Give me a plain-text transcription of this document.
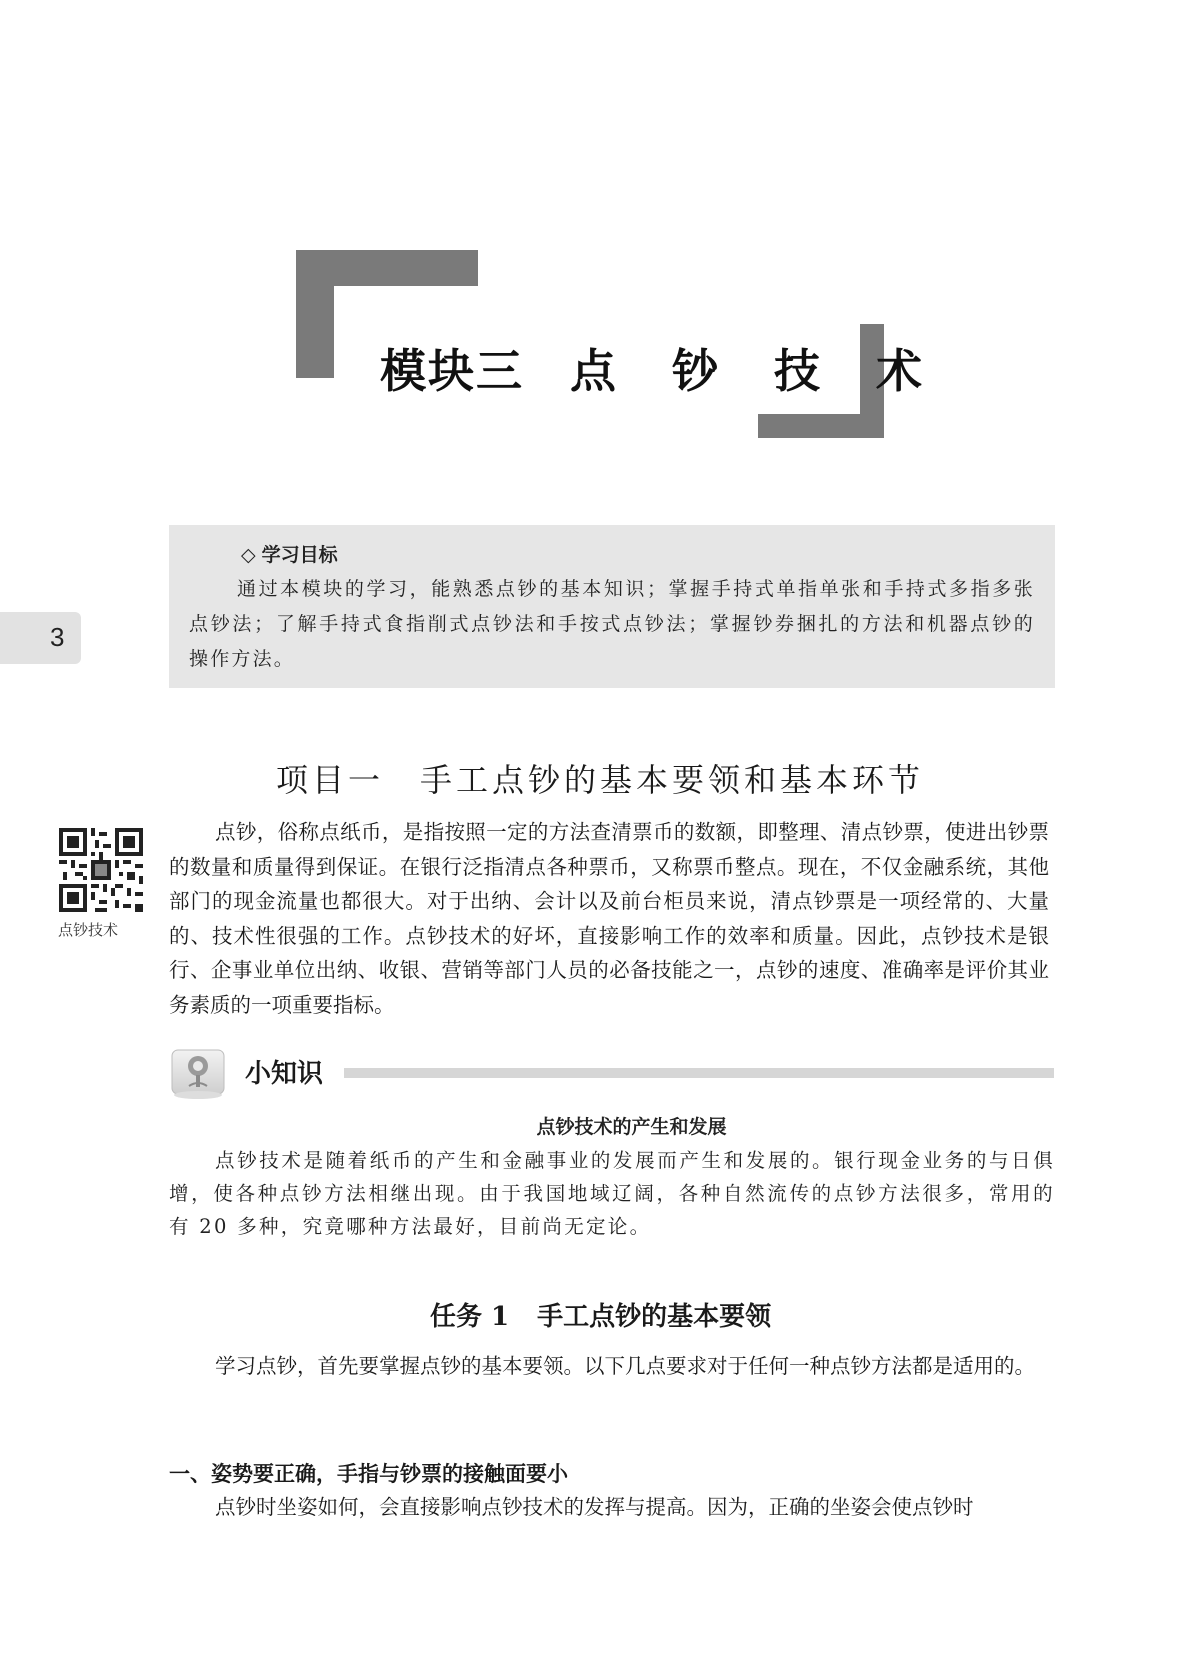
模块三 点 钞 技 术
◇ 学习目标
通过本模块的学习，能熟悉点钞的基本知识；掌握手持式单指单张和手持式多指多张点钞法；了解手持式食指削式点钞法和手按式点钞法；掌握钞券捆扎的方法和机器点钞的操作方法。
3
项目一 手工点钞的基本要领和基本环节
点钞技术
点钞，俗称点纸币，是指按照一定的方法查清票币的数额，即整理、清点钞票，使进出钞票的数量和质量得到保证。在银行泛指清点各种票币，又称票币整点。现在，不仅金融系统，其他部门的现金流量也都很大。对于出纳、会计以及前台柜员来说，清点钞票是一项经常的、大量的、技术性很强的工作。点钞技术的好坏，直接影响工作的效率和质量。因此，点钞技术是银行、企事业单位出纳、收银、营销等部门人员的必备技能之一，点钞的速度、准确率是评价其业务素质的一项重要指标。
小知识
点钞技术的产生和发展
点钞技术是随着纸币的产生和金融事业的发展而产生和发展的。银行现金业务的与日俱增，使各种点钞方法相继出现。由于我国地域辽阔，各种自然流传的点钞方法很多，常用的有 20 多种，究竟哪种方法最好，目前尚无定论。
任务 1 手工点钞的基本要领
学习点钞，首先要掌握点钞的基本要领。以下几点要求对于任何一种点钞方法都是适用的。
一、姿势要正确，手指与钞票的接触面要小
点钞时坐姿如何，会直接影响点钞技术的发挥与提高。因为，正确的坐姿会使点钞时
